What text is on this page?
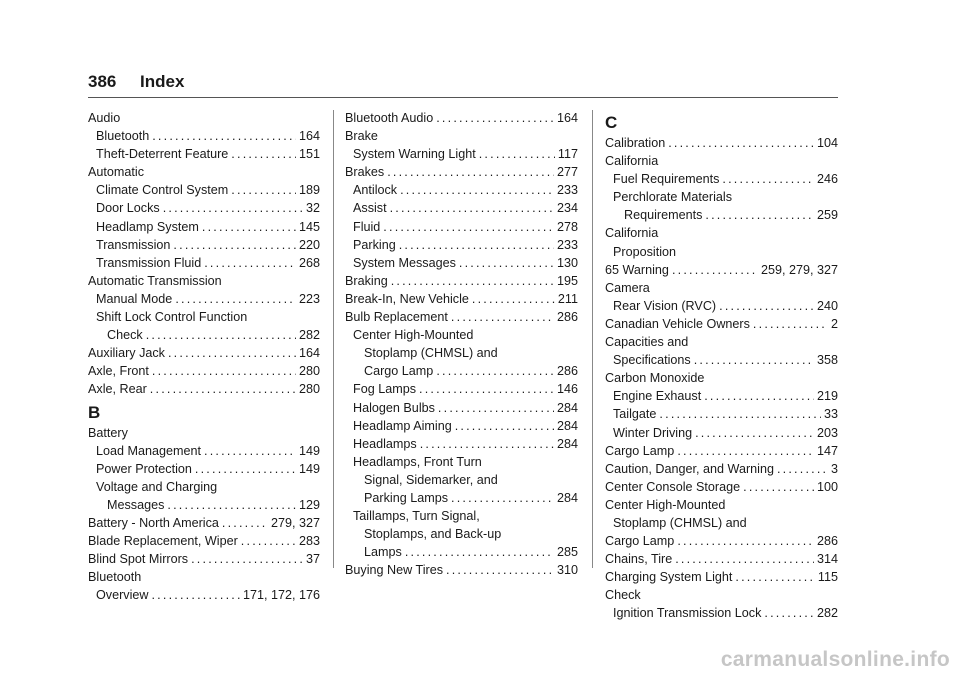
386 Index
Audio
Bluetooth .....	164
Theft-Deterrent Feature .....	151
Automatic
Climate Control System .....	189
Door Locks .....	32
Headlamp System .....	145
Transmission .....	220
Transmission Fluid .....	268
Automatic Transmission
Manual Mode .....	223
Shift Lock Control Function
Check .....	282
Auxiliary Jack .....	164
Axle, Front .....	280
Axle, Rear .....	280
B
Battery
Load Management .....	149
Power Protection .....	149
Voltage and Charging
Messages .....	129
Battery - North America .....	279, 327
Blade Replacement, Wiper .....	283
Blind Spot Mirrors .....	37
Bluetooth
Overview .....	171, 172, 176
Bluetooth Audio .....	164
Brake
System Warning Light .....	117
Brakes .....	277
Antilock .....	233
Assist .....	234
Fluid .....	278
Parking .....	233
System Messages .....	130
Braking .....	195
Break-In, New Vehicle .....	211
Bulb Replacement .....	286
Center High-Mounted
Stoplamp (CHMSL) and
Cargo Lamp .....	286
Fog Lamps .....	146
Halogen Bulbs .....	284
Headlamp Aiming .....	284
Headlamps .....	284
Headlamps, Front Turn
Signal, Sidemarker, and
Parking Lamps .....	284
Taillamps, Turn Signal,
Stoplamps, and Back-up
Lamps .....	285
Buying New Tires .....	310
C
Calibration .....	104
California
Fuel Requirements .....	246
Perchlorate Materials
Requirements .....	259
California
Proposition
65 Warning .....	259, 279, 327
Camera
Rear Vision (RVC) .....	240
Canadian Vehicle Owners .....	2
Capacities and
Specifications .....	358
Carbon Monoxide
Engine Exhaust .....	219
Tailgate .....	33
Winter Driving .....	203
Cargo Lamp .....	147
Caution, Danger, and Warning .....	3
Center Console Storage .....	100
Center High-Mounted
Stoplamp (CHMSL) and
Cargo Lamp .....	286
Chains, Tire .....	314
Charging System Light .....	115
Check
Ignition Transmission Lock .....	282
carmanualsonline.info
